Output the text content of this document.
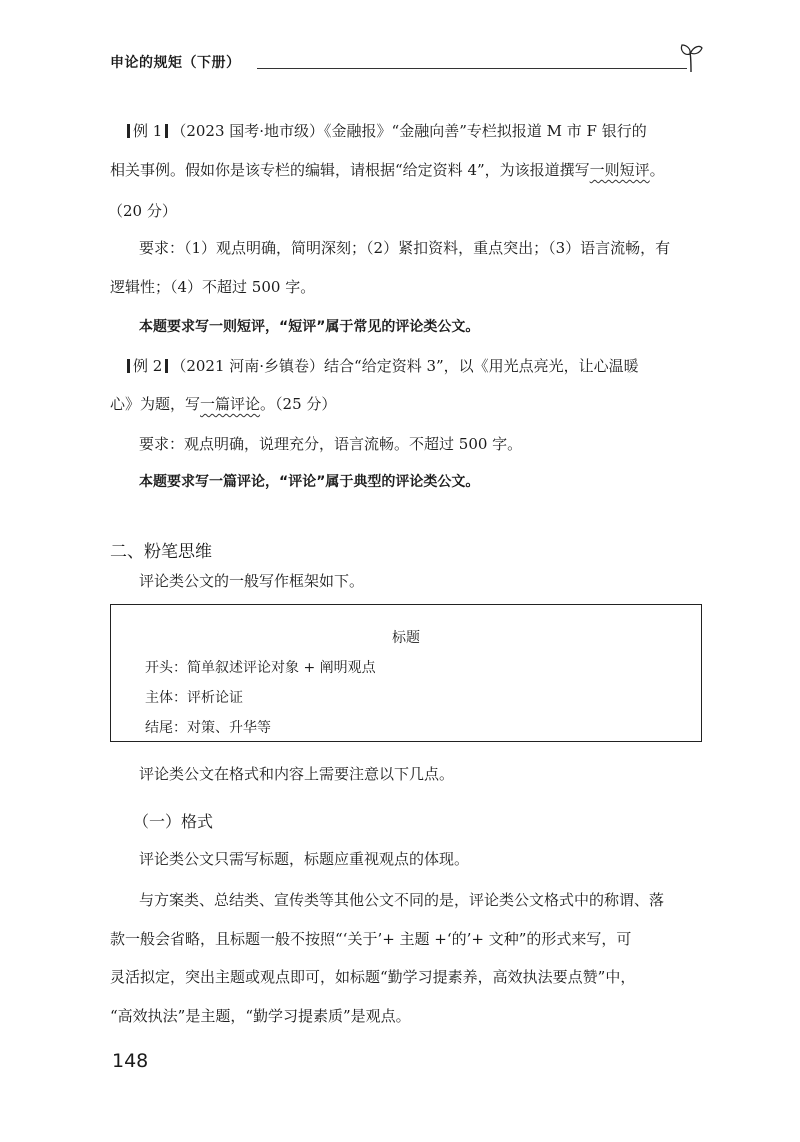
申论的规矩（下册）
例 1 （2023 国考·地市级）《金融报》“金融向善”专栏拟报道 M 市 F 银行的
相关事例。假如你是该专栏的编辑，请根据“给定资料 4”，为该报道撰写一则短评。
（20 分）
要求：（1）观点明确，简明深刻；（2）紧扣资料，重点突出；（3）语言流畅，有
逻辑性；（4）不超过 500 字。
本题要求写一则短评，“短评”属于常见的评论类公文。
例 2 （2021 河南·乡镇卷）结合“给定资料 3”，以《用光点亮光，让心温暖
心》为题，写一篇评论。（25 分）
要求：观点明确，说理充分，语言流畅。不超过 500 字。
本题要求写一篇评论，“评论”属于典型的评论类公文。
二、粉笔思维
评论类公文的一般写作框架如下。
标题
开头：简单叙述评论对象 + 阐明观点
主体：评析论证
结尾：对策、升华等
评论类公文在格式和内容上需要注意以下几点。
（一）格式
评论类公文只需写标题，标题应重视观点的体现。
与方案类、总结类、宣传类等其他公文不同的是，评论类公文格式中的称谓、落
款一般会省略，且标题一般不按照“‘关于’+ 主题 +‘的’+ 文种”的形式来写，可
灵活拟定，突出主题或观点即可，如标题“勤学习提素养，高效执法要点赞”中，
“高效执法”是主题，“勤学习提素质”是观点。
148
